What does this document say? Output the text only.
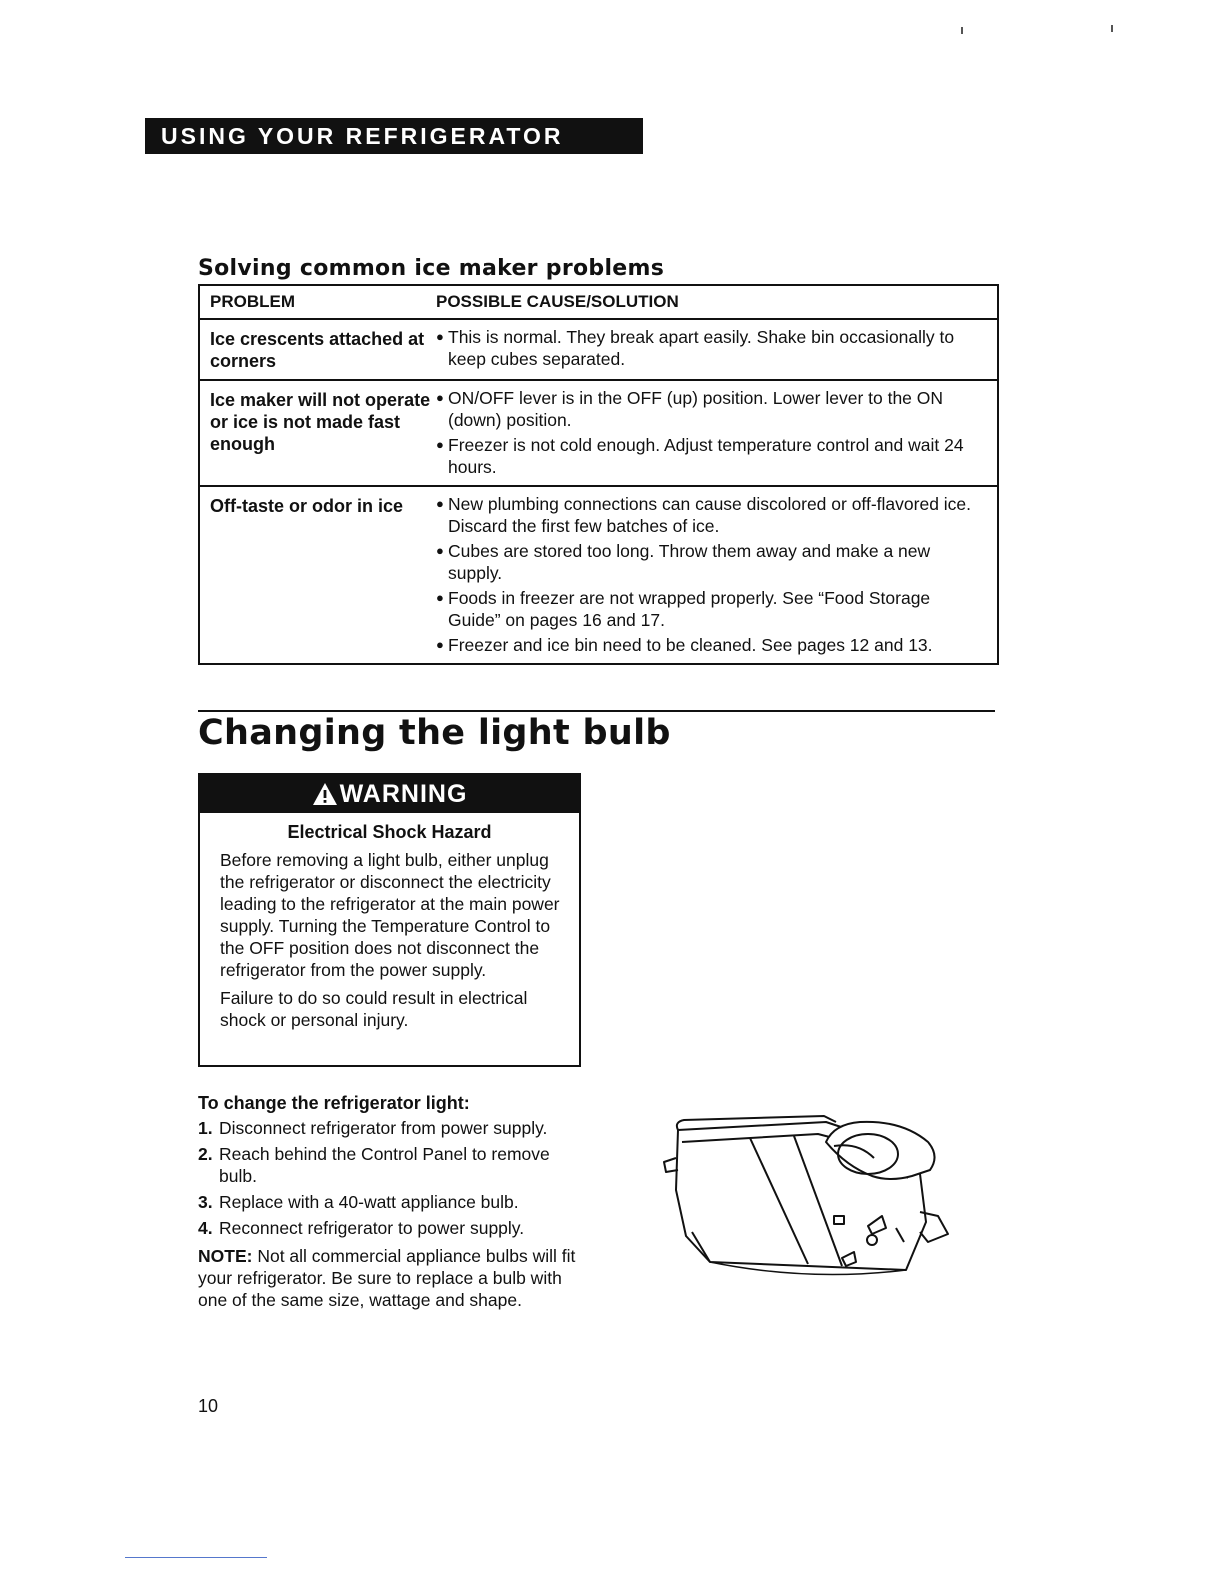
USING YOUR REFRIGERATOR
Solving common ice maker problems
PROBLEM	POSSIBLE CAUSE/SOLUTION
Ice crescents attached at corners
● This is normal. They break apart easily. Shake bin occasionally to keep cubes separated.
Ice maker will not operate or ice is not made fast enough
● ON/OFF lever is in the OFF (up) position. Lower lever to the ON (down) position.
● Freezer is not cold enough. Adjust temperature control and wait 24 hours.
Off-taste or odor in ice	● New plumbing connections can cause discolored or off-flavored ice. Discard the first few batches of ice.
● Cubes are stored too long. Throw them away and make a new supply.
● Foods in freezer are not wrapped properly. See “Food Storage Guide” on pages 16 and 17.
● Freezer and ice bin need to be cleaned. See pages 12 and 13.
Changing the light bulb
WARNING
Electrical Shock Hazard
Before removing a light bulb, either unplug the refrigerator or disconnect the electricity leading to the refrigerator at the main power supply. Turning the Temperature Control to the OFF position does not disconnect the refrigerator from the power supply.
Failure to do so could result in electrical shock or personal injury.
To change the refrigerator light:
1. Disconnect refrigerator from power supply.
2. Reach behind the Control Panel to remove bulb.
3. Replace with a 40-watt appliance bulb.
4. Reconnect refrigerator to power supply.
NOTE: Not all commercial appliance bulbs will fit your refrigerator. Be sure to replace a bulb with one of the same size, wattage and shape.
10
